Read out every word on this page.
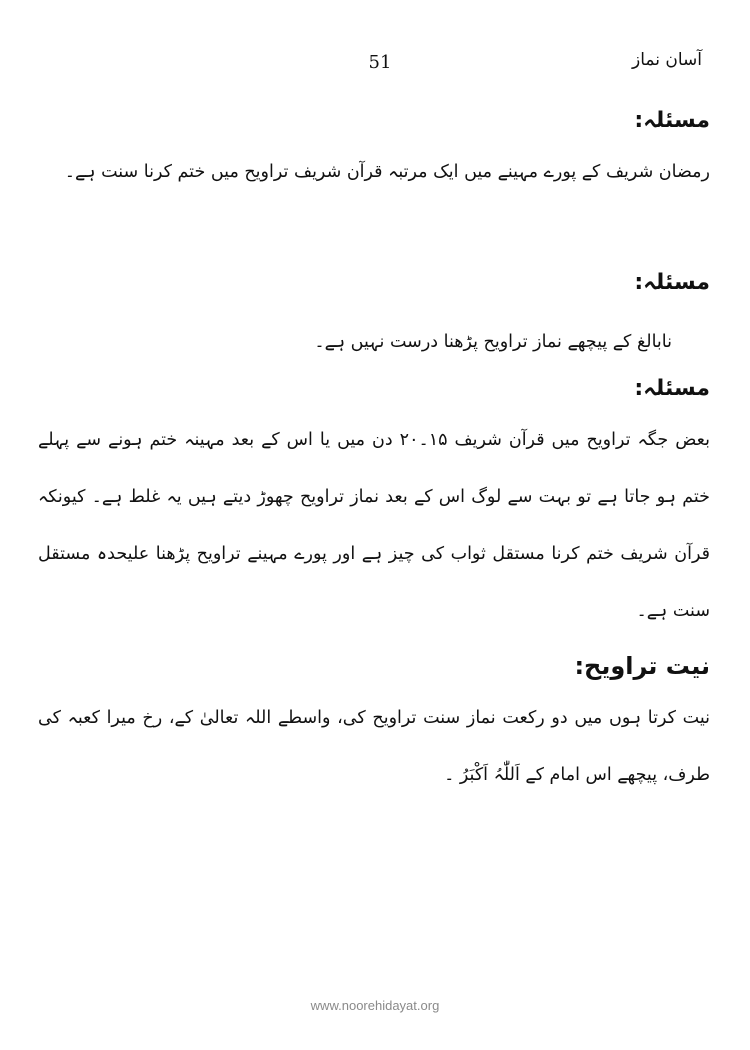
آسان نماز
51
مسئلہ:
رمضان شریف کے پورے مہینے میں ایک مرتبہ قرآن شریف تراویح میں ختم کرنا سنت ہے۔
مسئلہ:
نابالغ کے پیچھے نماز تراویح پڑھنا درست نہیں ہے۔
مسئلہ:
بعض جگہ تراویح میں قرآن شریف ۱۵۔۲۰ دن میں یا اس کے بعد مہینہ ختم ہونے سے پہلے ختم ہو جاتا ہے تو بہت سے لوگ اس کے بعد نماز تراویح چھوڑ دیتے ہیں یہ غلط ہے۔ کیونکہ قرآن شریف ختم کرنا مستقل ثواب کی چیز ہے اور پورے مہینے تراویح پڑھنا علیحدہ مستقل سنت ہے۔
نیت تراویح:
نیت کرتا ہوں میں دو رکعت نماز سنت تراویح کی، واسطے اللہ تعالیٰ کے، رخ میرا کعبہ کی طرف، پیچھے اس امام کے اَللّٰہُ اَکْبَرُ ۔
www.noorehidayat.org
